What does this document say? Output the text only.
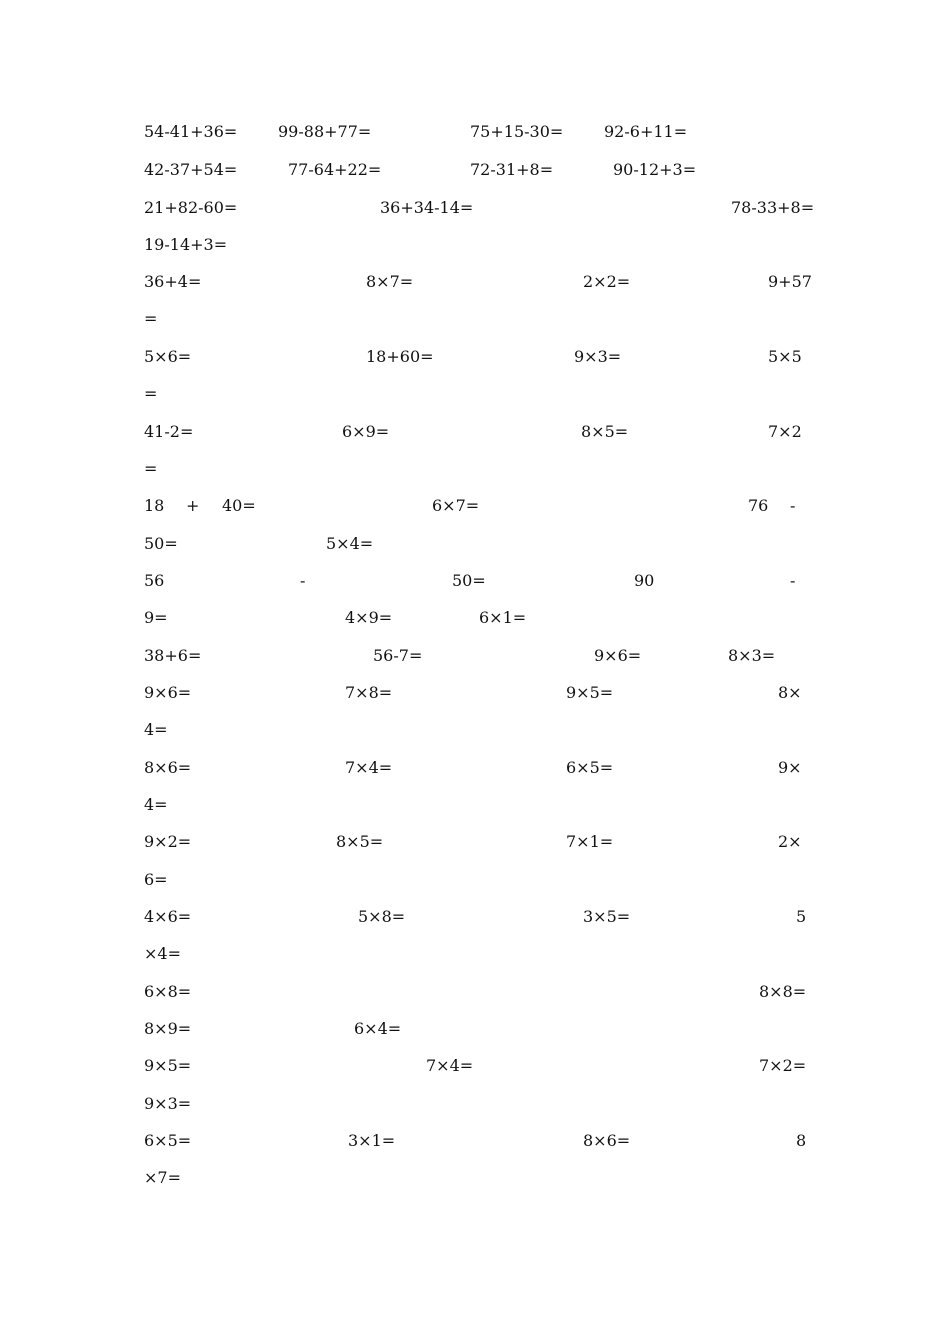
54-41+36=	99-88+77=	75+15-30=	92-6+11=
42-37+54=	77-64+22=	72-31+8=	90-12+3=
21+82-60=	36+34-14=	78-33+8=
19-14+3=
36+4=	8×7=	2×2=	9+57
=
5×6=	18+60=	9×3=	5×5
=
41-2=	6×9=	8×5=	7×2
=
18 + 40=	6×7=	76 -
50=	5×4=
56	-	50=	90	-
9=	4×9=	6×1=
38+6=	56-7=	9×6=	8×3=
9×6=	7×8=	9×5=	8×
4=
8×6=	7×4=	6×5=	9×
4=
9×2=	8×5=	7×1=	2×
6=
4×6=	5×8=	3×5=	5
×4=
6×8=	8×8=
8×9=	6×4=
9×5=	7×4=	7×2=
9×3=
6×5=	3×1=	8×6=	8
×7=
